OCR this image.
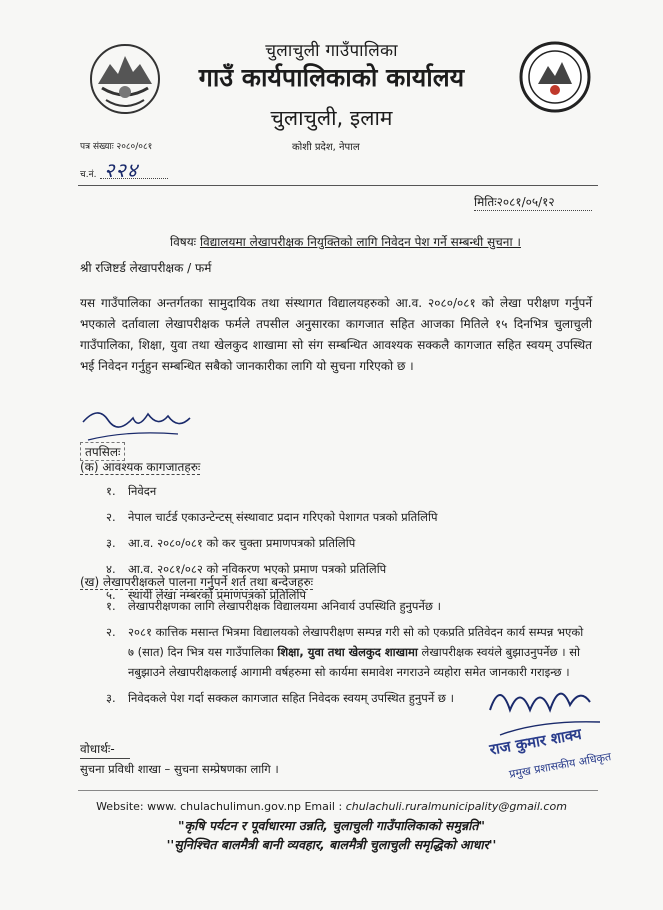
चुलाचुली गाउँपालिका
गाउँ कार्यपालिकाको कार्यालय
चुलाचुली, इलाम
कोशी प्रदेश, नेपाल
पत्र संख्याः २०८०/०८१
च.नं. २२४
मितिः२०८१/०५/१२
विषयः विद्यालयमा लेखापरीक्षक नियुक्तिको लागि निवेदन पेश गर्ने सम्बन्धी सुचना ।
श्री रजिष्टर्ड लेखापरीक्षक / फर्म
यस गाउँपालिका अन्तर्गतका सामुदायिक तथा संस्थागत विद्यालयहरुको आ.व. २०८०/०८१ को लेखा परीक्षण गर्नुपर्ने भएकाले दर्तावाला लेखापरीक्षक फर्मले तपसील अनुसारका कागजात सहित आजका मितिले १५ दिनभित्र चुलाचुली गाउँपालिका, शिक्षा, युवा तथा खेलकुद शाखामा सो संग सम्बन्धित आवश्यक सक्कलै कागजात सहित स्वयम् उपस्थित भई निवेदन गर्नुहुन सम्बन्धित सबैको जानकारीका लागि यो सुचना गरिएको छ ।
तपसिलः
(क) आवश्यक कागजातहरुः
१.	निवेदन
२.	नेपाल चार्टर्ड एकाउन्टेन्टस् संस्थावाट प्रदान गरिएको पेशागत पत्रको प्रतिलिपि
३.	आ.व. २०८०/०८१ को कर चुक्ता प्रमाणपत्रको प्रतिलिपि
४.	आ.व. २०८१/०८२ को नविकरण भएको प्रमाण पत्रको प्रतिलिपि
५.	स्थायी लेखा नम्बरको प्रमाणपत्रको प्रतिलिपि
(ख) लेखापरीक्षकले पालना गर्नुपर्ने शर्त तथा बन्देजहरुः
१.	लेखापरीक्षणका लागि लेखापरीक्षक विद्यालयमा अनिवार्य उपस्थिति हुनुपर्नेछ ।
२.	२०८१ कात्तिक मसान्त भित्रमा विद्यालयको लेखापरीक्षण सम्पन्न गरी सो को एकप्रति प्रतिवेदन कार्य सम्पन्न भएको ७ (सात) दिन भित्र यस गाउँपालिका शिक्षा, युवा तथा खेलकुद शाखामा लेखापरीक्षक स्वयंले बुझाउनुपर्नेछ । सो नबुझाउने लेखापरीक्षकलाई आगामी वर्षहरुमा सो कार्यमा समावेश नगराउने व्यहोरा समेत जानकारी गराइन्छ ।
३.	निवेदकले पेश गर्दा सक्कल कागजात सहित निवेदक स्वयम् उपस्थित हुनुपर्ने छ ।
राज कुमार शाक्य
प्रमुख प्रशासकीय अधिकृत
वोधार्थः-
सुचना प्रविधी शाखा – सुचना सम्प्रेषणका लागि ।
Website: www. chulachulimun.gov.np Email : chulachuli.ruralmunicipality@gmail.com
"कृषि पर्यटन र पूर्वाधारमा उन्नति, चुलाचुली गाउँपालिकाको समुन्नति"
''सुनिश्चित बालमैत्री बानी व्यवहार, बालमैत्री चुलाचुली समृद्धिको आधार''
